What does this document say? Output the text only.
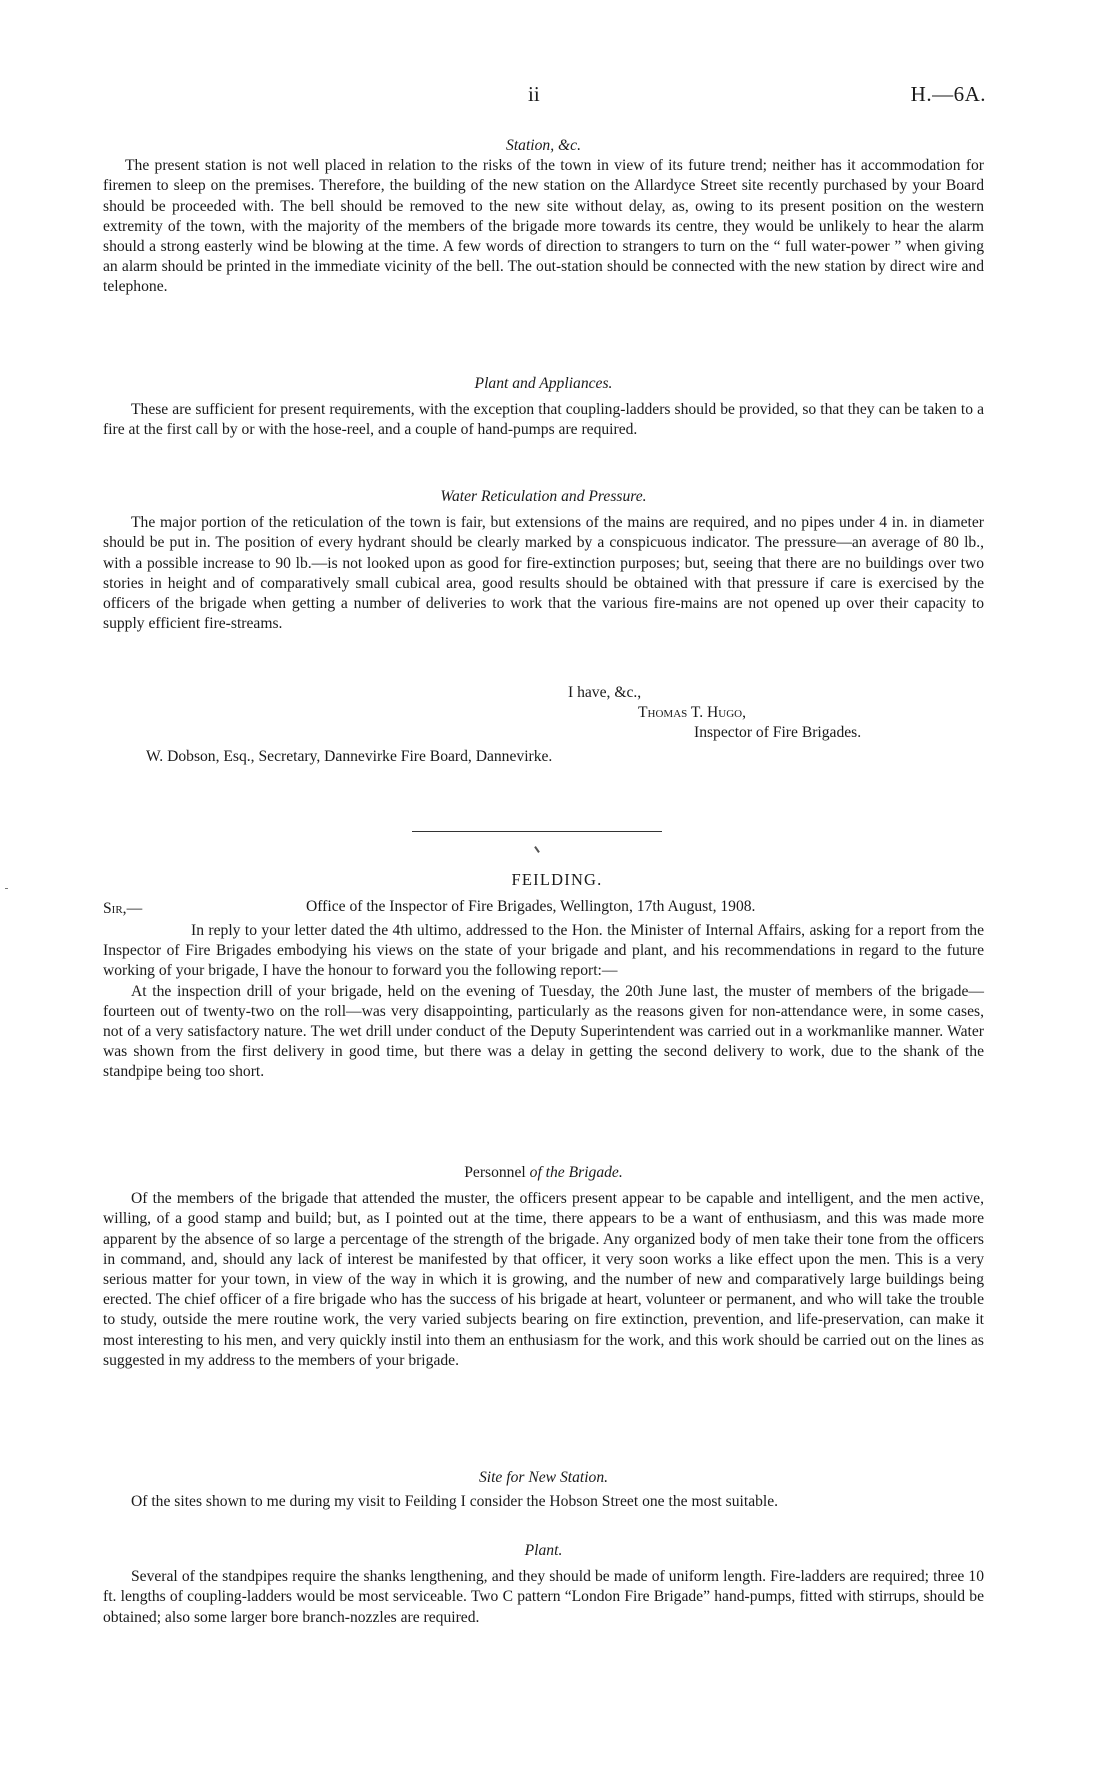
ii	H.—6A.

Station, &c.

The present station is not well placed in relation to the risks of the town in view of its future trend; neither has it accommodation for firemen to sleep on the premises. Therefore, the building of the new station on the Allardyce Street site recently purchased by your Board should be proceeded with. The bell should be removed to the new site without delay, as, owing to its present position on the western extremity of the town, with the majority of the members of the brigade more towards its centre, they would be unlikely to hear the alarm should a strong easterly wind be blowing at the time. A few words of direction to strangers to turn on the “ full water-power ” when giving an alarm should be printed in the immediate vicinity of the bell. The out-station should be connected with the new station by direct wire and telephone.

Plant and Appliances.

These are sufficient for present requirements, with the exception that coupling-ladders should be provided, so that they can be taken to a fire at the first call by or with the hose-reel, and a couple of hand-pumps are required.

Water Reticulation and Pressure.

The major portion of the reticulation of the town is fair, but extensions of the mains are required, and no pipes under 4 in. in diameter should be put in. The position of every hydrant should be clearly marked by a conspicuous indicator. The pressure—an average of 80 lb., with a possible increase to 90 lb.—is not looked upon as good for fire-extinction purposes; but, seeing that there are no buildings over two stories in height and of comparatively small cubical area, good results should be obtained with that pressure if care is exercised by the officers of the brigade when getting a number of deliveries to work that the various fire-mains are not opened up over their capacity to supply efficient fire-streams.

I have, &c.,
Thomas T. Hugo,
Inspector of Fire Brigades.
W. Dobson, Esq., Secretary, Dannevirke Fire Board, Dannevirke.
FEILDING.
Sir,—	Office of the Inspector of Fire Brigades, Wellington, 17th August, 1908.

In reply to your letter dated the 4th ultimo, addressed to the Hon. the Minister of Internal Affairs, asking for a report from the Inspector of Fire Brigades embodying his views on the state of your brigade and plant, and his recommendations in regard to the future working of your brigade, I have the honour to forward you the following report:—

At the inspection drill of your brigade, held on the evening of Tuesday, the 20th June last, the muster of members of the brigade—fourteen out of twenty-two on the roll—was very disappointing, particularly as the reasons given for non-attendance were, in some cases, not of a very satisfactory nature. The wet drill under conduct of the Deputy Superintendent was carried out in a workmanlike manner. Water was shown from the first delivery in good time, but there was a delay in getting the second delivery to work, due to the shank of the standpipe being too short.

Personnel of the Brigade.

Of the members of the brigade that attended the muster, the officers present appear to be capable and intelligent, and the men active, willing, of a good stamp and build; but, as I pointed out at the time, there appears to be a want of enthusiasm, and this was made more apparent by the absence of so large a percentage of the strength of the brigade. Any organized body of men take their tone from the officers in command, and, should any lack of interest be manifested by that officer, it very soon works a like effect upon the men. This is a very serious matter for your town, in view of the way in which it is growing, and the number of new and comparatively large buildings being erected. The chief officer of a fire brigade who has the success of his brigade at heart, volunteer or permanent, and who will take the trouble to study, outside the mere routine work, the very varied subjects bearing on fire extinction, prevention, and life-preservation, can make it most interesting to his men, and very quickly instil into them an enthusiasm for the work, and this work should be carried out on the lines as suggested in my address to the members of your brigade.

Site for New Station.

Of the sites shown to me during my visit to Feilding I consider the Hobson Street one the most suitable.

Plant.

Several of the standpipes require the shanks lengthening, and they should be made of uniform length. Fire-ladders are required; three 10 ft. lengths of coupling-ladders would be most serviceable. Two C pattern “London Fire Brigade” hand-pumps, fitted with stirrups, should be obtained; also some larger bore branch-nozzles are required.
